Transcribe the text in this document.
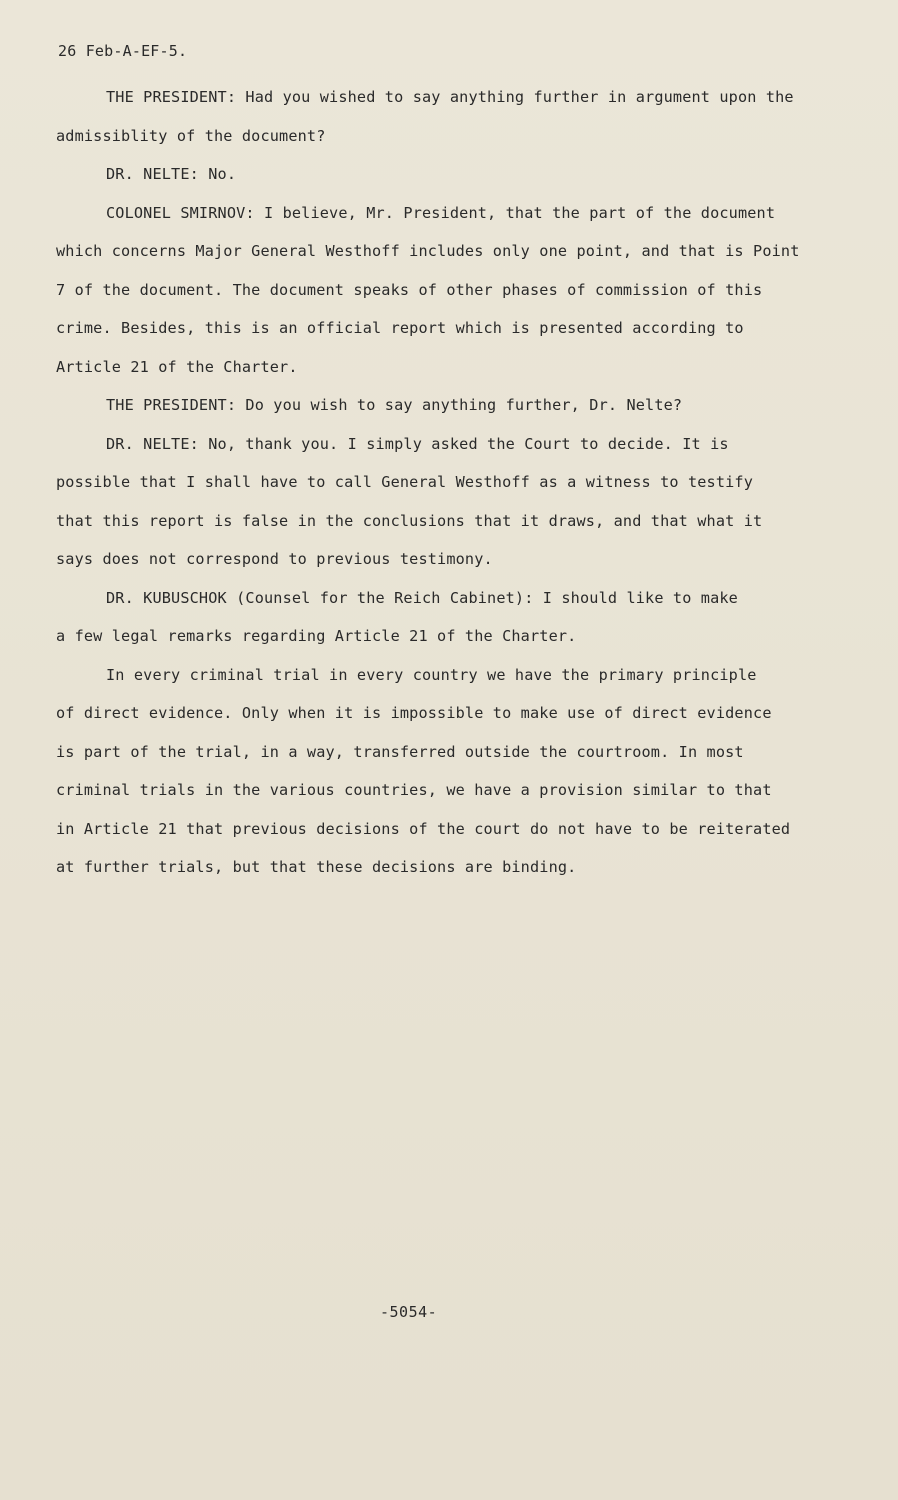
26 Feb-A-EF-5.
THE PRESIDENT: Had you wished to say anything further in argument upon the
admissiblity of the document?
DR. NELTE: No.
COLONEL SMIRNOV: I believe, Mr. President, that the part of the document
which concerns Major General Westhoff includes only one point, and that is Point
7 of the document. The document speaks of other phases of commission of this
crime. Besides, this is an official report which is presented according to
Article 21 of the Charter.
THE PRESIDENT: Do you wish to say anything further, Dr. Nelte?
DR. NELTE: No, thank you. I simply asked the Court to decide. It is
possible that I shall have to call General Westhoff as a witness to testify
that this report is false in the conclusions that it draws, and that what it
says does not correspond to previous testimony.
DR. KUBUSCHOK (Counsel for the Reich Cabinet): I should like to make
a few legal remarks regarding Article 21 of the Charter.
In every criminal trial in every country we have the primary principle
of direct evidence. Only when it is impossible to make use of direct evidence
is part of the trial, in a way, transferred outside the courtroom. In most
criminal trials in the various countries, we have a provision similar to that
in Article 21 that previous decisions of the court do not have to be reiterated
at further trials, but that these decisions are binding.
-5054-
